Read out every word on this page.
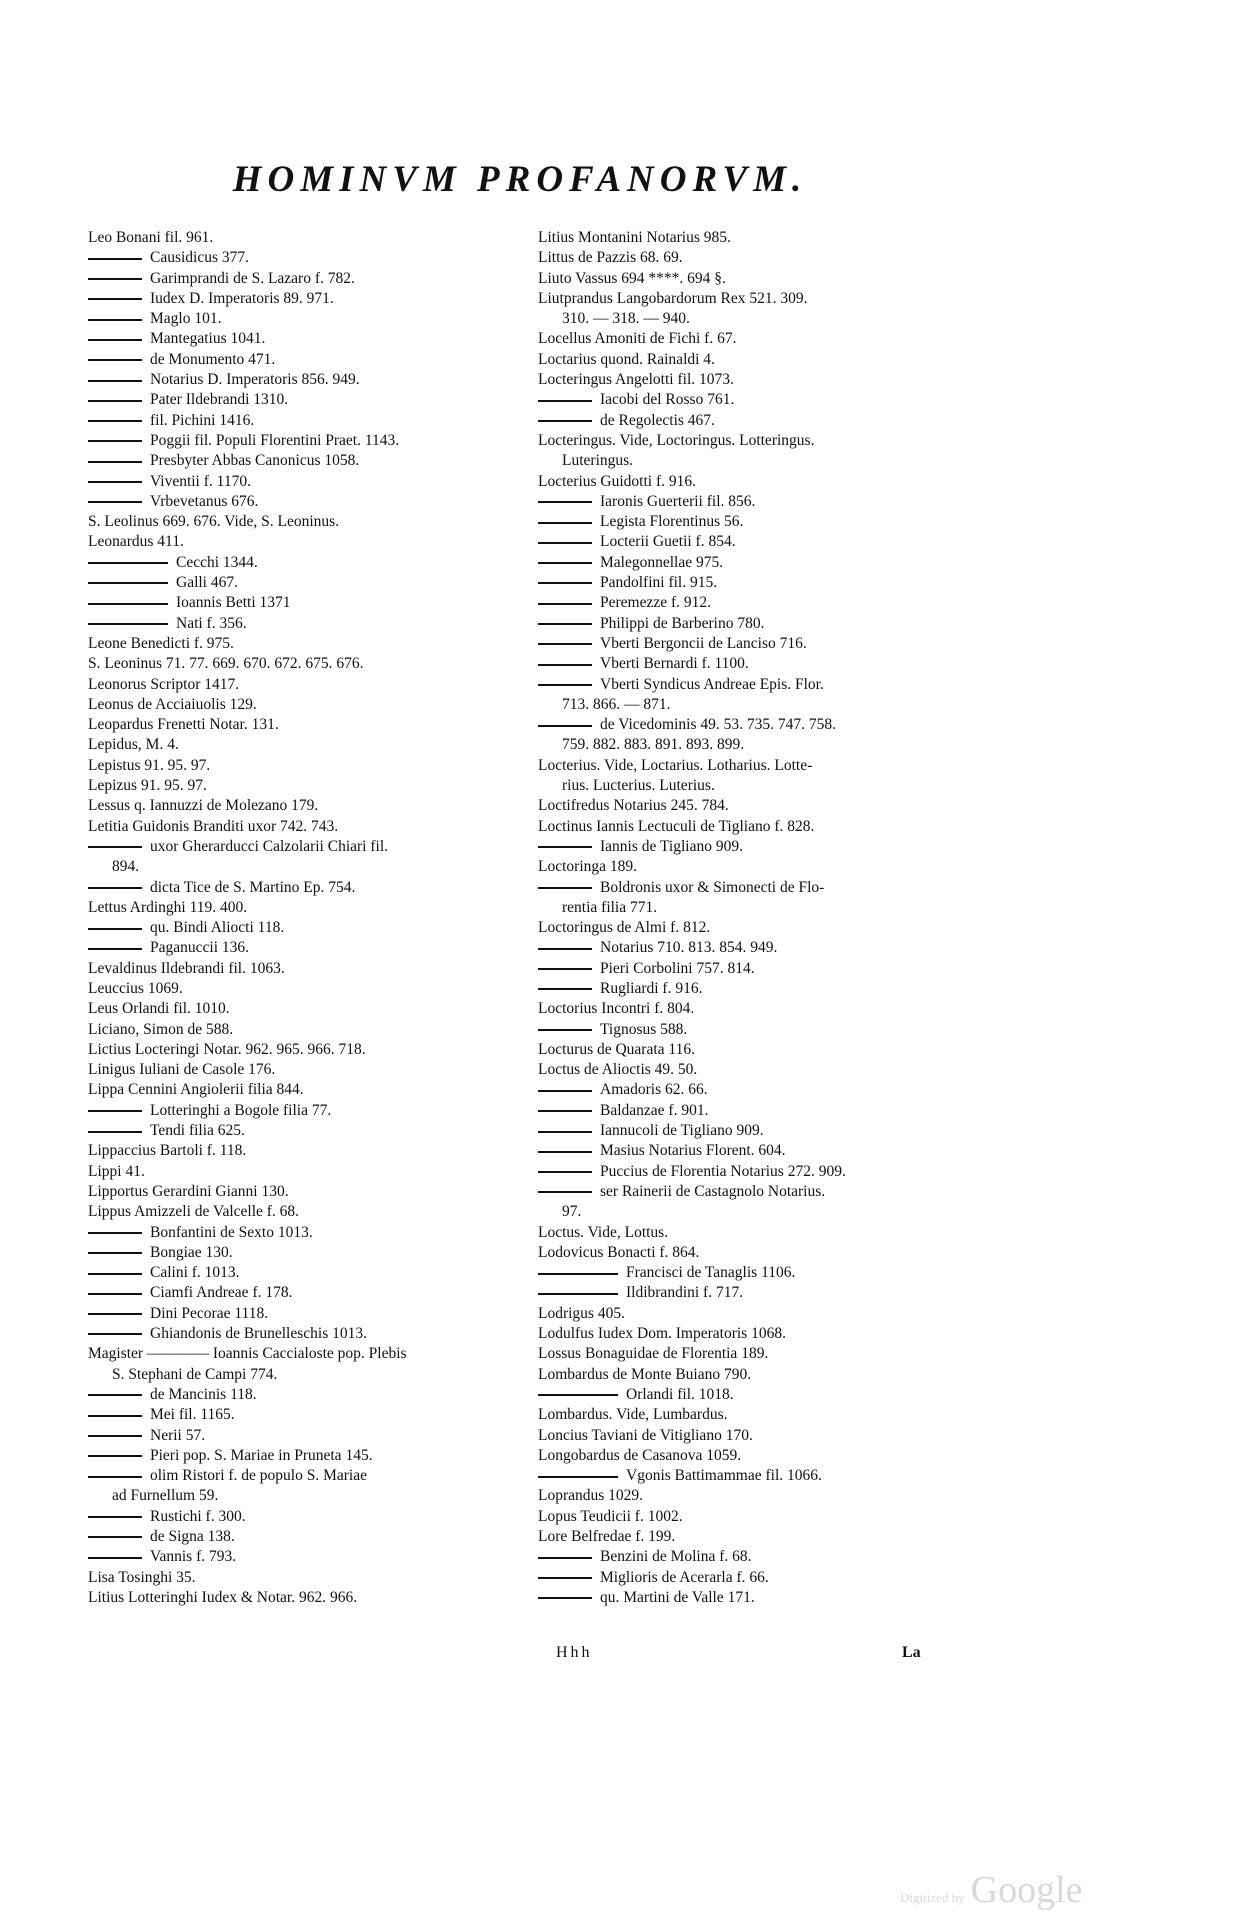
HOMINVM PROFANORVM.
Leo Bonani fil. 961.
Causidicus 377.
Garimprandi de S. Lazaro f. 782.
Iudex D. Imperatoris 89. 971.
Maglo 101.
Mantegatius 1041.
de Monumento 471.
Notarius D. Imperatoris 856. 949.
Pater Ildebrandi 1310.
fil. Pichini 1416.
Poggii fil. Populi Florentini Praet. 1143.
Presbyter Abbas Canonicus 1058.
Viventii f. 1170.
Vrbevetanus 676.
S. Leolinus 669. 676. Vide, S. Leoninus.
Leonardus 411.
Cecchi 1344.
Galli 467.
Ioannis Betti 1371
Nati f. 356.
Leone Benedicti f. 975.
S. Leoninus 71. 77. 669. 670. 672. 675. 676.
Leonorus Scriptor 1417.
Leonus de Acciaiuolis 129.
Leopardus Frenetti Notar. 131.
Lepidus, M. 4.
Lepistus 91. 95. 97.
Lepizus 91. 95. 97.
Lessus q. Iannuzzi de Molezano 179.
Letitia Guidonis Branditi uxor 742. 743.
uxor Gherarducci Calzolarii Chiari fil.
894.
dicta Tice de S. Martino Ep. 754.
Lettus Ardinghi 119. 400.
qu. Bindi Aliocti 118.
Paganuccii 136.
Levaldinus Ildebrandi fil. 1063.
Leuccius 1069.
Leus Orlandi fil. 1010.
Liciano, Simon de 588.
Lictius Locteringi Notar. 962. 965. 966. 718.
Linigus Iuliani de Casole 176.
Lippa Cennini Angiolerii filia 844.
Lotteringhi a Bogole filia 77.
Tendi filia 625.
Lippaccius Bartoli f. 118.
Lippi 41.
Lipportus Gerardini Gianni 130.
Lippus Amizzeli de Valcelle f. 68.
Bonfantini de Sexto 1013.
Bongiae 130.
Calini f. 1013.
Ciamfi Andreae f. 178.
Dini Pecorae 1118.
Ghiandonis de Brunelleschis 1013.
Magister ———— Ioannis Caccialoste pop. Plebis
S. Stephani de Campi 774.
de Mancinis 118.
Mei fil. 1165.
Nerii 57.
Pieri pop. S. Mariae in Pruneta 145.
olim Ristori f. de populo S. Mariae
ad Furnellum 59.
Rustichi f. 300.
de Signa 138.
Vannis f. 793.
Lisa Tosinghi 35.
Litius Lotteringhi Iudex & Notar. 962. 966.
Litius Montanini Notarius 985.
Littus de Pazzis 68. 69.
Liuto Vassus 694 ****. 694 §.
Liutprandus Langobardorum Rex 521. 309.
310. — 318. — 940.
Locellus Amoniti de Fichi f. 67.
Loctarius quond. Rainaldi 4.
Locteringus Angelotti fil. 1073.
Iacobi del Rosso 761.
de Regolectis 467.
Locteringus. Vide, Loctoringus. Lotteringus.
Luteringus.
Locterius Guidotti f. 916.
Iaronis Guerterii fil. 856.
Legista Florentinus 56.
Locterii Guetii f. 854.
Malegonnellae 975.
Pandolfini fil. 915.
Peremezze f. 912.
Philippi de Barberino 780.
Vberti Bergoncii de Lanciso 716.
Vberti Bernardi f. 1100.
Vberti Syndicus Andreae Epis. Flor.
713. 866. — 871.
de Vicedominis 49. 53. 735. 747. 758.
759. 882. 883. 891. 893. 899.
Locterius. Vide, Loctarius. Lotharius. Lotte-
rius. Lucterius. Luterius.
Loctifredus Notarius 245. 784.
Loctinus Iannis Lectuculi de Tigliano f. 828.
Iannis de Tigliano 909.
Loctoringa 189.
Boldronis uxor & Simonecti de Flo-
rentia filia 771.
Loctoringus de Almi f. 812.
Notarius 710. 813. 854. 949.
Pieri Corbolini 757. 814.
Rugliardi f. 916.
Loctorius Incontri f. 804.
Tignosus 588.
Locturus de Quarata 116.
Loctus de Alioctis 49. 50.
Amadoris 62. 66.
Baldanzae f. 901.
Iannucoli de Tigliano 909.
Masius Notarius Florent. 604.
Puccius de Florentia Notarius 272. 909.
ser Rainerii de Castagnolo Notarius.
97.
Loctus. Vide, Lottus.
Lodovicus Bonacti f. 864.
Francisci de Tanaglis 1106.
Ildibrandini f. 717.
Lodrigus 405.
Lodulfus Iudex Dom. Imperatoris 1068.
Lossus Bonaguidae de Florentia 189.
Lombardus de Monte Buiano 790.
Orlandi fil. 1018.
Lombardus. Vide, Lumbardus.
Loncius Taviani de Vitigliano 170.
Longobardus de Casanova 1059.
Vgonis Battimammae fil. 1066.
Loprandus 1029.
Lopus Teudicii f. 1002.
Lore Belfredae f. 199.
Benzini de Molina f. 68.
Miglioris de Acerarla f. 66.
qu. Martini de Valle 171.
Hhh	La
Digitized by Google
